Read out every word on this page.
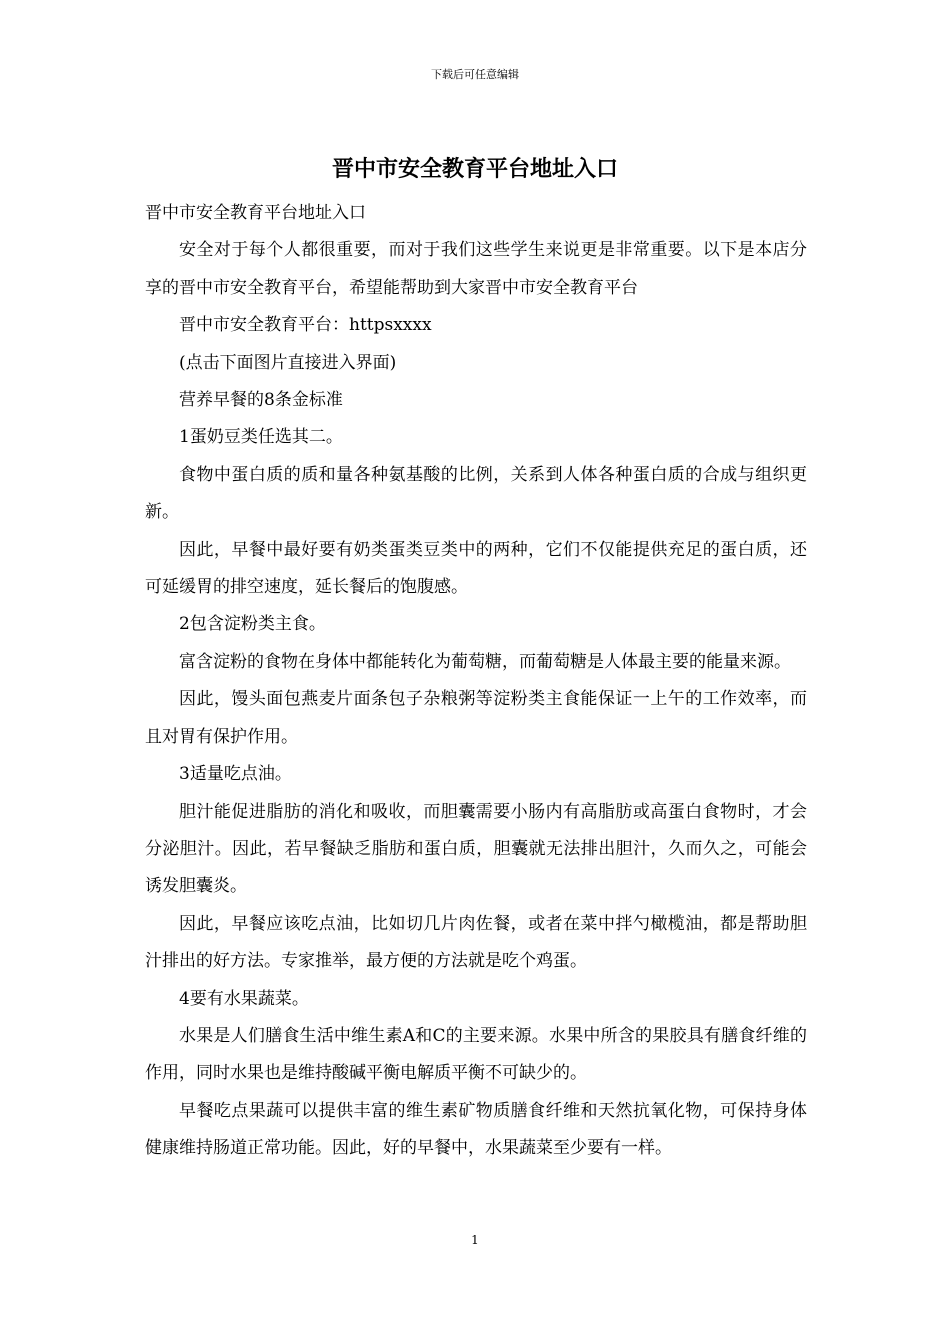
下载后可任意编辑
晋中市安全教育平台地址入口

晋中市安全教育平台地址入口

安全对于每个人都很重要，而对于我们这些学生来说更是非常重要。以下是本店分享的晋中市安全教育平台，希望能帮助到大家晋中市安全教育平台

晋中市安全教育平台：httpsxxxx

(点击下面图片直接进入界面)

营养早餐的8条金标准

1蛋奶豆类任选其二。

食物中蛋白质的质和量各种氨基酸的比例，关系到人体各种蛋白质的合成与组织更新。

因此，早餐中最好要有奶类蛋类豆类中的两种，它们不仅能提供充足的蛋白质，还可延缓胃的排空速度，延长餐后的饱腹感。

2包含淀粉类主食。

富含淀粉的食物在身体中都能转化为葡萄糖，而葡萄糖是人体最主要的能量来源。

因此，馒头面包燕麦片面条包子杂粮粥等淀粉类主食能保证一上午的工作效率，而且对胃有保护作用。

3适量吃点油。

胆汁能促进脂肪的消化和吸收，而胆囊需要小肠内有高脂肪或高蛋白食物时，才会分泌胆汁。因此，若早餐缺乏脂肪和蛋白质，胆囊就无法排出胆汁，久而久之，可能会诱发胆囊炎。

因此，早餐应该吃点油，比如切几片肉佐餐，或者在菜中拌勺橄榄油，都是帮助胆汁排出的好方法。专家推举，最方便的方法就是吃个鸡蛋。

4要有水果蔬菜。

水果是人们膳食生活中维生素A和C的主要来源。水果中所含的果胶具有膳食纤维的作用，同时水果也是维持酸碱平衡电解质平衡不可缺少的。

早餐吃点果蔬可以提供丰富的维生素矿物质膳食纤维和天然抗氧化物，可保持身体健康维持肠道正常功能。因此，好的早餐中，水果蔬菜至少要有一样。

1
